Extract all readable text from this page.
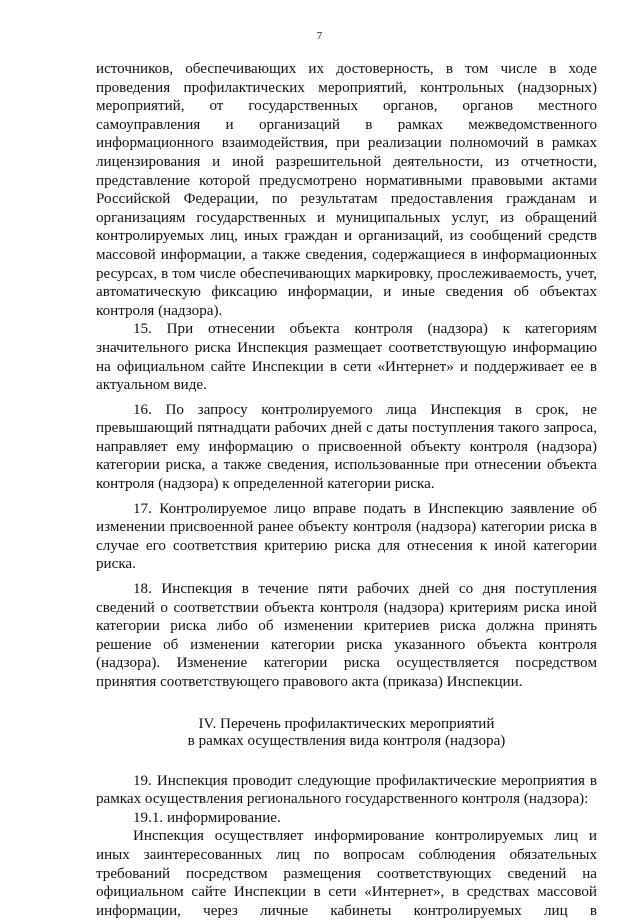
7

источников, обеспечивающих их достоверность, в том числе в ходе проведения профилактических мероприятий, контрольных (надзорных) мероприятий, от государственных органов, органов местного самоуправления и организаций в рамках межведомственного информационного взаимодействия, при реализации полномочий в рамках лицензирования и иной разрешительной деятельности, из отчетности, представление которой предусмотрено нормативными правовыми актами Российской Федерации, по результатам предоставления гражданам и организациям государственных и муниципальных услуг, из обращений контролируемых лиц, иных граждан и организаций, из сообщений средств массовой информации, а также сведения, содержащиеся в информационных ресурсах, в том числе обеспечивающих маркировку, прослеживаемость, учет, автоматическую фиксацию информации, и иные сведения об объектах контроля (надзора).

15. При отнесении объекта контроля (надзора) к категориям значительного риска Инспекция размещает соответствующую информацию на официальном сайте Инспекции в сети «Интернет» и поддерживает ее в актуальном виде.

16. По запросу контролируемого лица Инспекция в срок, не превышающий пятнадцати рабочих дней с даты поступления такого запроса, направляет ему информацию о присвоенной объекту контроля (надзора) категории риска, а также сведения, использованные при отнесении объекта контроля (надзора) к определенной категории риска.

17. Контролируемое лицо вправе подать в Инспекцию заявление об изменении присвоенной ранее объекту контроля (надзора) категории риска в случае его соответствия критерию риска для отнесения к иной категории риска.

18. Инспекция в течение пяти рабочих дней со дня поступления сведений о соответствии объекта контроля (надзора) критериям риска иной категории риска либо об изменении критериев риска должна принять решение об изменении категории риска указанного объекта контроля (надзора). Изменение категории риска осуществляется посредством принятия соответствующего правового акта (приказа) Инспекции.

IV. Перечень профилактических мероприятий
в рамках осуществления вида контроля (надзора)

19. Инспекция проводит следующие профилактические мероприятия в рамках осуществления регионального государственного контроля (надзора):

19.1. информирование.

Инспекция осуществляет информирование контролируемых лиц и иных заинтересованных лиц по вопросам соблюдения обязательных требований посредством размещения соответствующих сведений на официальном сайте Инспекции в сети «Интернет», в средствах массовой информации, через личные кабинеты контролируемых лиц в
